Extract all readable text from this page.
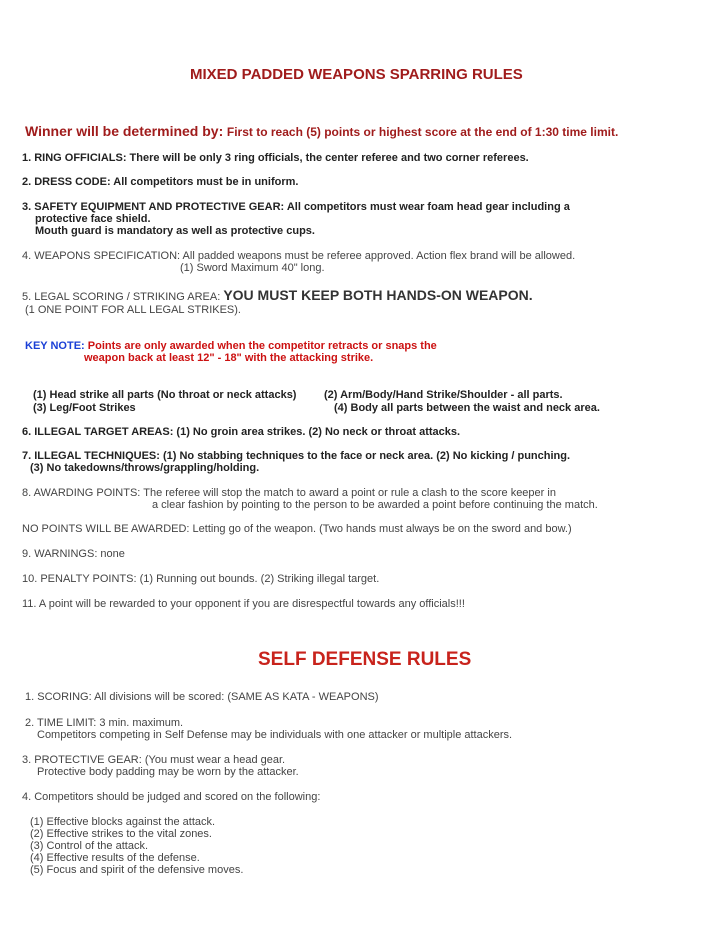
MIXED PADDED WEAPONS SPARRING RULES
Winner will be determined by: First to reach (5) points or highest score at the end of 1:30 time limit.
1. RING OFFICIALS: There will be only 3 ring officials, the center referee and two corner referees.
2. DRESS CODE: All competitors must be in uniform.
3. SAFETY EQUIPMENT AND PROTECTIVE GEAR: All competitors must wear foam head gear including a
protective face shield.
Mouth guard is mandatory as well as protective cups.
4. WEAPONS SPECIFICATION: All padded weapons must be referee approved. Action flex brand will be allowed.
(1) Sword Maximum 40" long.
5. LEGAL SCORING / STRIKING AREA: YOU MUST KEEP BOTH HANDS-ON WEAPON.
(1 ONE POINT FOR ALL LEGAL STRIKES).
KEY NOTE: Points are only awarded when the competitor retracts or snaps the
weapon back at least 12" - 18" with the attacking strike.
(1) Head strike all parts (No throat or neck attacks)	(2) Arm/Body/Hand Strike/Shoulder - all parts.
(3) Leg/Foot Strikes	(4) Body all parts between the waist and neck area.
6. ILLEGAL TARGET AREAS: (1) No groin area strikes. (2) No neck or throat attacks.
7. ILLEGAL TECHNIQUES: (1) No stabbing techniques to the face or neck area. (2) No kicking / punching.
(3) No takedowns/throws/grappling/holding.
8. AWARDING POINTS: The referee will stop the match to award a point or rule a clash to the score keeper in
a clear fashion by pointing to the person to be awarded a point before continuing the match.
NO POINTS WILL BE AWARDED: Letting go of the weapon. (Two hands must always be on the sword and bow.)
9. WARNINGS: none
10. PENALTY POINTS: (1) Running out bounds. (2) Striking illegal target.
11. A point will be rewarded to your opponent if you are disrespectful towards any officials!!!
SELF DEFENSE RULES
1. SCORING: All divisions will be scored: (SAME AS KATA - WEAPONS)
2. TIME LIMIT: 3 min. maximum.
Competitors competing in Self Defense may be individuals with one attacker or multiple attackers.
3. PROTECTIVE GEAR: (You must wear a head gear.
Protective body padding may be worn by the attacker.
4. Competitors should be judged and scored on the following:
(1) Effective blocks against the attack.
(2) Effective strikes to the vital zones.
(3) Control of the attack.
(4) Effective results of the defense.
(5) Focus and spirit of the defensive moves.
